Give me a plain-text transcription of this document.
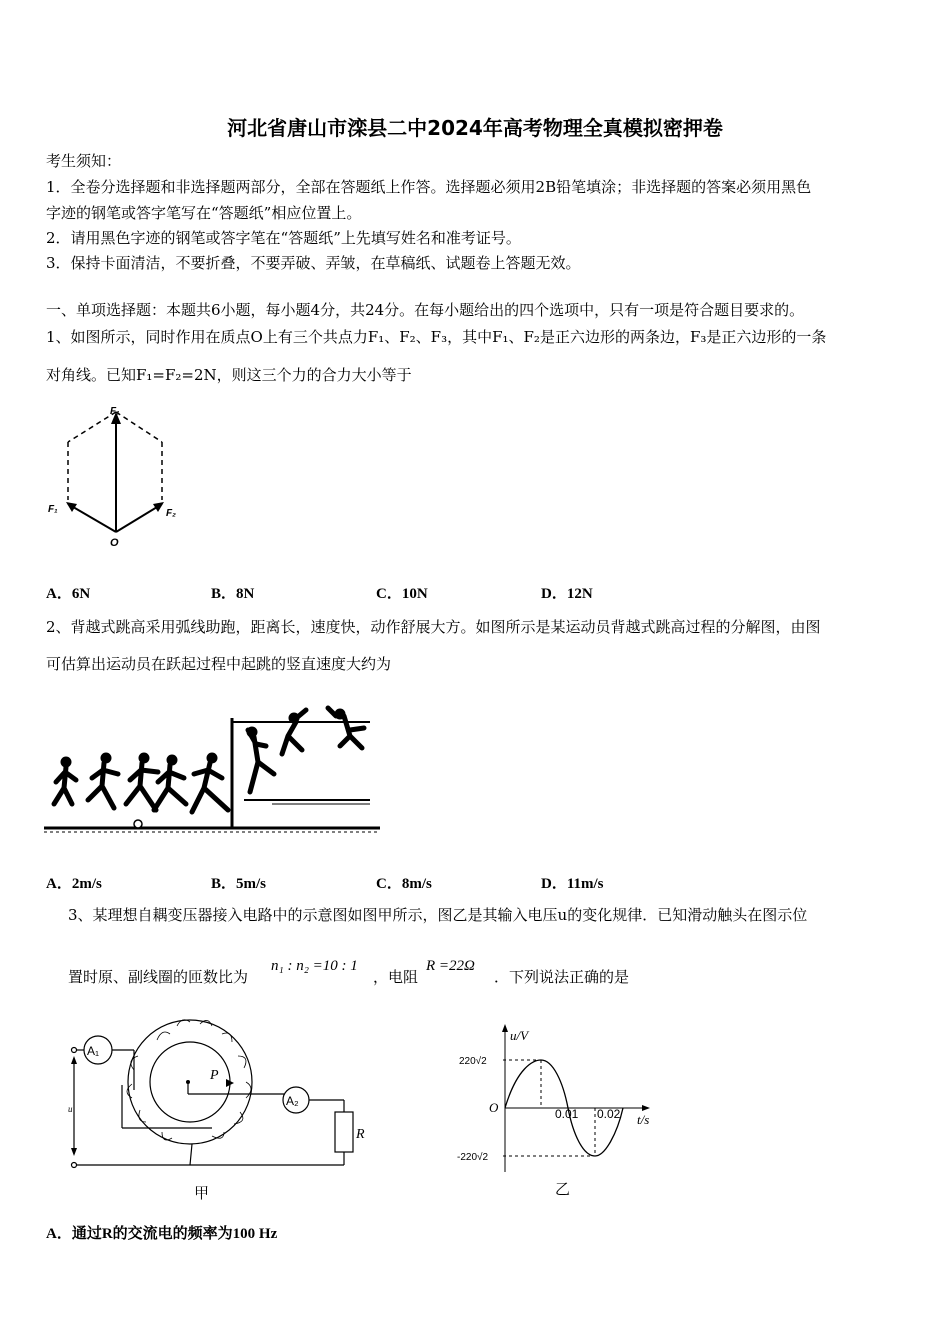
河北省唐山市滦县二中2024年高考物理全真模拟密押卷
考生须知：
1．全卷分选择题和非选择题两部分，全部在答题纸上作答。选择题必须用2B铅笔填涂；非选择题的答案必须用黑色
字迹的钢笔或答字笔写在“答题纸”相应位置上。
2．请用黑色字迹的钢笔或答字笔在“答题纸”上先填写姓名和准考证号。
3．保持卡面清洁，不要折叠，不要弄破、弄皱，在草稿纸、试题卷上答题无效。
一、单项选择题：本题共6小题，每小题4分，共24分。在每小题给出的四个选项中，只有一项是符合题目要求的。
1、如图所示，同时作用在质点O上有三个共点力F₁、F₂、F₃，其中F₁、F₂是正六边形的两条边，F₃是正六边形的一条
对角线。已知F₁=F₂=2N，则这三个力的合力大小等于
F₁
F₁	F₂
O
A．6N	B．8N	C．10N	D．12N
2、背越式跳高采用弧线助跑，距离长，速度快，动作舒展大方。如图所示是某运动员背越式跳高过程的分解图，由图
可估算出运动员在跃起过程中起跳的竖直速度大约为
A．2m/s	B．5m/s	C．8m/s	D．11m/s
3、某理想自耦变压器接入电路中的示意图如图甲所示，图乙是其输入电压u的变化规律．已知滑动触头在图示位
置时原、副线圈的匝数比为
n₁ : n₂ =10 : 1
，电阻
R =22Ω
．下列说法正确的是
A₁
A₂
P
u
R
甲
u/V
220√2
-220√2
O	0.01 0.02 t/s
乙
A．通过R的交流电的频率为100 Hz
